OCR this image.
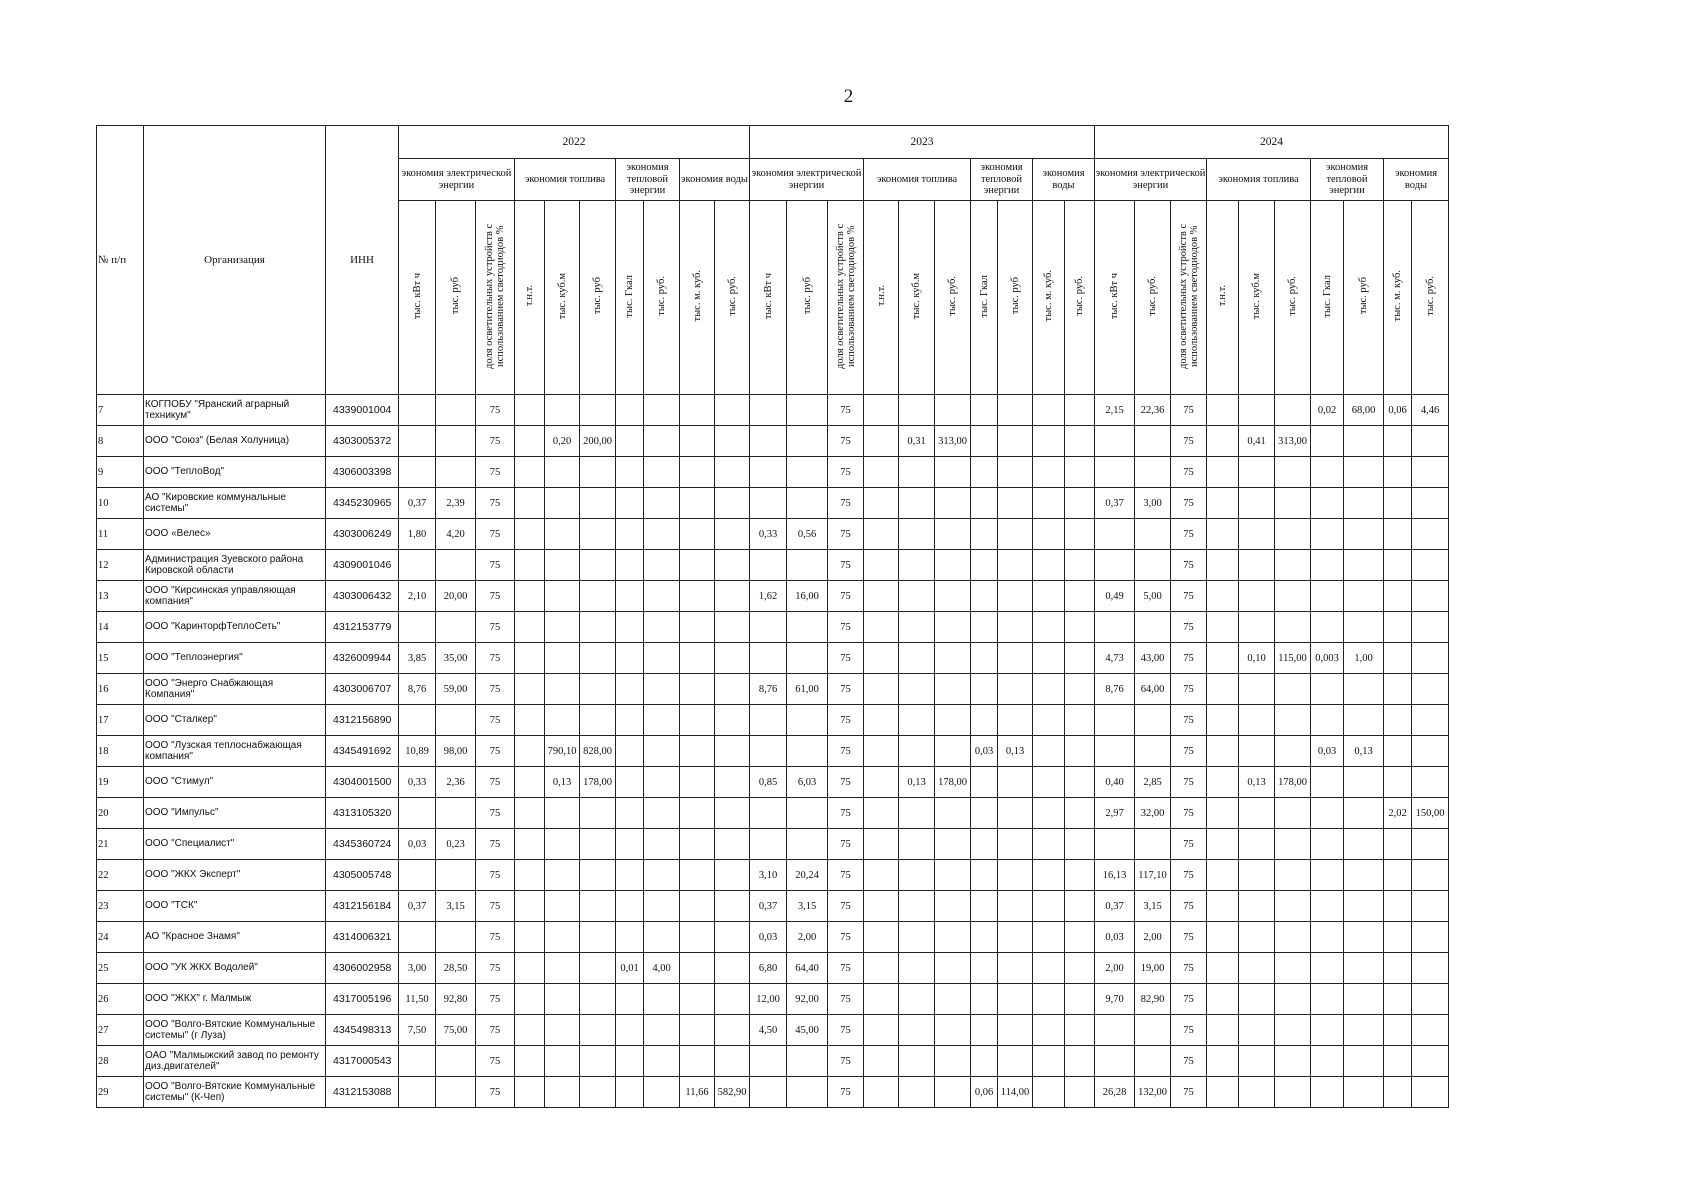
2
№ п/п	Организация	ИНН	2022										2023										2024									
			экономия электрической энергии			экономия топлива			экономия тепловой энергии		экономия воды		экономия электрической энергии			экономия топлива			экономия тепловой энергии		экономия воды		экономия электрической энергии			экономия топлива			экономия тепловой энергии		экономия воды	
			тыс. кВт ч	тыс. руб	доля осветительных устройств с использованием светодиодов %	т.н.т.	тыс. куб.м	тыс. руб	тыс. Гкал	тыс. руб.	тыс. м. куб.	тыс. руб.	тыс. кВт ч	тыс. руб	доля осветительных устройств с использованием светодиодов %	т.н.т.	тыс. куб.м	тыс. руб.	тыс. Гкал	тыс. руб	тыс. м. куб.	тыс. руб.	тыс. кВт ч	тыс. руб.	доля осветительных устройств с использованием светодиодов %	т.н.т.	тыс. куб.м	тыс. руб.	тыс. Гкал	тыс. руб	тыс. м. куб.	тыс. руб.
7	КОГПОБУ "Яранский аграрный техникум"	4339001004			75										75								2,15	22,36	75				0,02	68,00	0,06	4,46
8	ООО "Союз" (Белая Холуница)	4303005372			75		0,20	200,00							75		0,31	313,00							75		0,41	313,00				
9	ООО "ТеплоВод"	4306003398			75										75										75							
10	АО "Кировские коммунальные системы"	4345230965	0,37	2,39	75										75								0,37	3,00	75							
11	ООО «Велес»	4303006249	1,80	4,20	75								0,33	0,56	75										75							
12	Администрация Зуевского района Кировской области	4309001046			75										75										75							
13	ООО "Кирсинская управляющая компания"	4303006432	2,10	20,00	75								1,62	16,00	75								0,49	5,00	75							
14	ООО "КаринторфТеплоСеть"	4312153779			75										75										75							
15	ООО "Теплоэнергия"	4326009944	3,85	35,00	75										75								4,73	43,00	75		0,10	115,00	0,003	1,00		
16	ООО "Энерго Снабжающая Компания"	4303006707	8,76	59,00	75								8,76	61,00	75								8,76	64,00	75							
17	ООО "Сталкер"	4312156890			75										75										75							
18	ООО "Лузская теплоснабжающая компания"	4345491692	10,89	98,00	75		790,10	828,00							75				0,03	0,13					75				0,03	0,13		
19	ООО "Стимул"	4304001500	0,33	2,36	75		0,13	178,00					0,85	6,03	75		0,13	178,00					0,40	2,85	75		0,13	178,00				
20	ООО "Импульс"	4313105320			75										75								2,97	32,00	75						2,02	150,00
21	ООО "Специалист"	4345360724	0,03	0,23	75										75										75							
22	ООО "ЖКХ Эксперт"	4305005748			75								3,10	20,24	75								16,13	117,10	75							
23	ООО "ТСК"	4312156184	0,37	3,15	75								0,37	3,15	75								0,37	3,15	75							
24	АО "Красное Знамя"	4314006321			75								0,03	2,00	75								0,03	2,00	75							
25	ООО "УК ЖКХ Водолей"	4306002958	3,00	28,50	75				0,01	4,00			6,80	64,40	75								2,00	19,00	75							
26	ООО "ЖКХ" г. Малмыж	4317005196	11,50	92,80	75								12,00	92,00	75								9,70	82,90	75							
27	ООО "Волго-Вятские Коммунальные системы" (г Луза)	4345498313	7,50	75,00	75								4,50	45,00	75										75							
28	ОАО "Малмыжский завод по ремонту диз.двигателей"	4317000543			75										75										75							
29	ООО "Волго-Вятские Коммунальные системы" (К-Чеп)	4312153088			75						11,66	582,90			75				0,06	114,00			26,28	132,00	75							
